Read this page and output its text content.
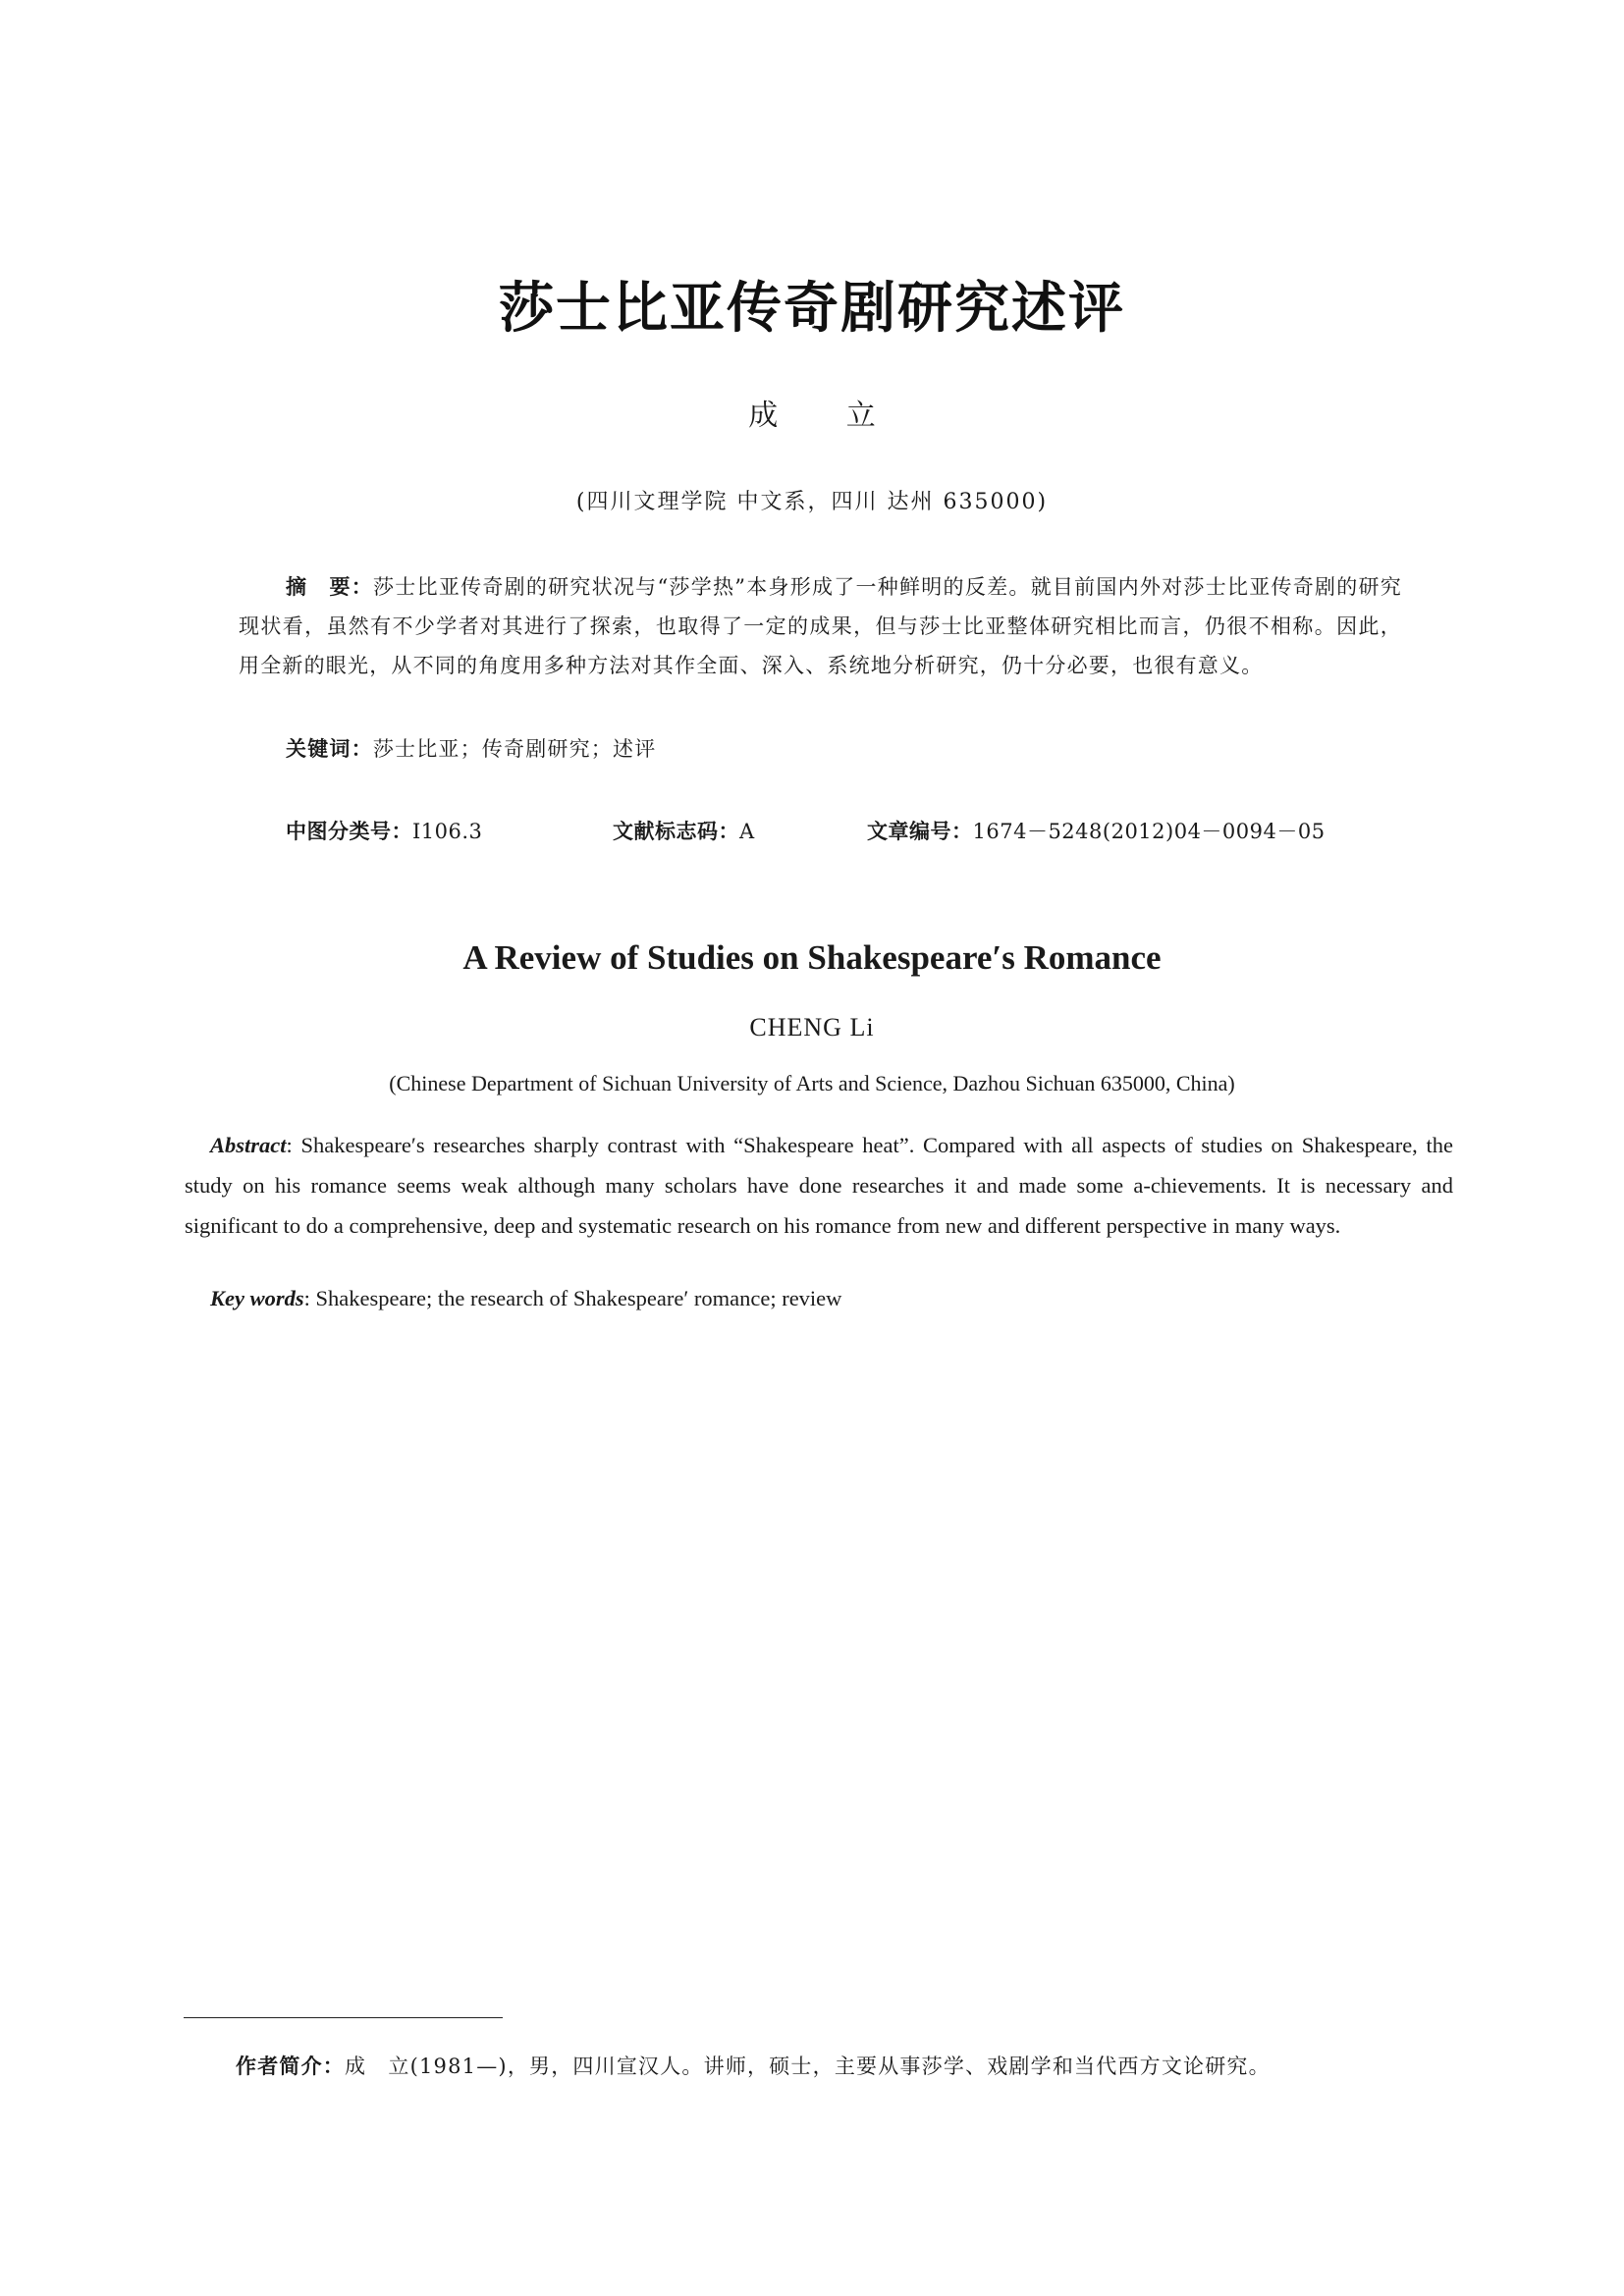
莎士比亚传奇剧研究述评
成 立
(四川文理学院 中文系，四川 达州 635000)
摘　要：莎士比亚传奇剧的研究状况与“莎学热”本身形成了一种鲜明的反差。就目前国内外对莎士比亚传奇剧的研究现状看，虽然有不少学者对其进行了探索，也取得了一定的成果，但与莎士比亚整体研究相比而言，仍很不相称。因此，用全新的眼光，从不同的角度用多种方法对其作全面、深入、系统地分析研究，仍十分必要，也很有意义。
关键词：莎士比亚；传奇剧研究；述评
中图分类号：I106.3	文献标志码：A	文章编号：1674－5248(2012)04－0094－05
A Review of Studies on Shakespeare′s Romance
CHENG Li
(Chinese Department of Sichuan University of Arts and Science, Dazhou Sichuan 635000, China)
Abstract: Shakespeare′s researches sharply contrast with “Shakespeare heat”. Compared with all aspects of studies on Shakespeare, the study on his romance seems weak although many scholars have done researches it and made some a-chievements. It is necessary and significant to do a comprehensive, deep and systematic research on his romance from new and different perspective in many ways.
Key words: Shakespeare; the research of Shakespeare′ romance; review
作者简介：成　立(1981—)，男，四川宣汉人。讲师，硕士，主要从事莎学、戏剧学和当代西方文论研究。
